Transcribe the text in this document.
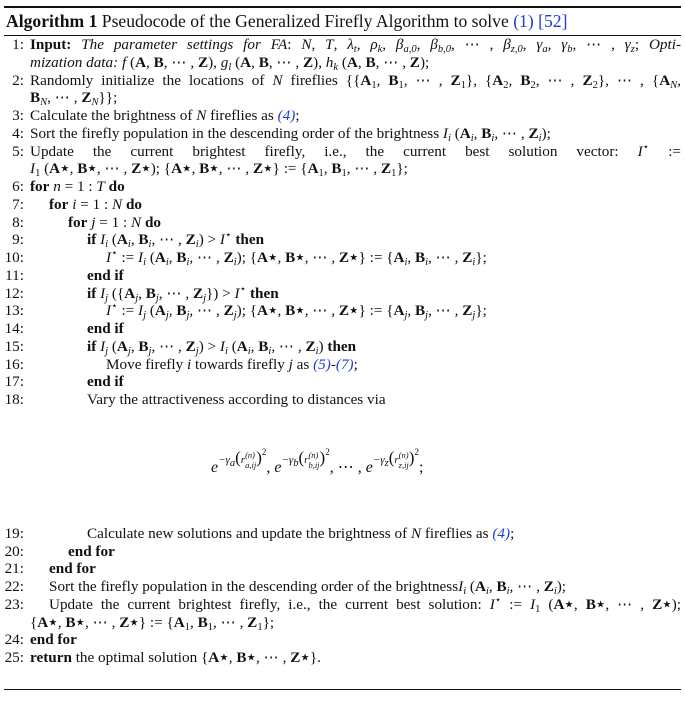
Algorithm 1 Pseudocode of the Generalized Firefly Algorithm to solve (1) [52]
1: Input: The parameter settings for FA: N, T, λt, ρk, βa,0, βb,0, ⋯ , βz,0, γa, γb, ⋯ , γz; Opti-
mization data: f (A, B, ⋯ , Z), gl (A, B, ⋯ , Z), hk (A, B, ⋯ , Z);
2: Randomly initialize the locations of N fireflies {{$A_1$, $B_1$, ⋯ , $Z_1$}, {$A_2$, $B_2$, ⋯ , $Z_2$}, ⋯ , {AN,
BN, ⋯ , ZN}};
3: Calculate the brightness of N fireflies as (4);
4: Sort the firefly population in the descending order of the brightness Ii (Ai, Bi, ⋯ , Zi);
5: Update the current brightest firefly, i.e., the current best solution vector: I⋆ :=
$I_1$ (A⋆, B⋆, ⋯ , Z⋆); {A⋆, B⋆, ⋯ , Z⋆} := {$A_1$, $B_1$, ⋯ , $Z_1$};
6: for n = 1 : T do
7: for i = 1 : N do
8:	for j = 1 : N do
9:	if Ii (Ai, Bi, ⋯ , Zi) > I⋆ then
10:	I⋆ := Ii (Ai, Bi, ⋯ , Zi); {A⋆, B⋆, ⋯ , Z⋆} := {Ai, Bi, ⋯ , Zi};
11:	end if
12:	if Ij ({Aj, Bj, ⋯ , Zj}) > I⋆ then
13:	I⋆ := Ij (Aj, Bj, ⋯ , Zj); {A⋆, B⋆, ⋯ , Z⋆} := {Aj, Bj, ⋯ , Zj};
14:	end if
15:	if Ij (Aj, Bj, ⋯ , Zj) > Ii (Ai, Bi, ⋯ , Zi) then
16:	Move firefly i towards firefly j as (5)-(7);
17:	end if
18:	Vary the attractiveness according to distances via
$e^{-\gamma a(r(n) a,ij)^2}$, $e^{-\gamma b(r(n) b,ij)^2}$, ⋯ , $e^{-\gamma z(r(n) z,ij)^2}$;
19:	Calculate new solutions and update the brightness of N fireflies as (4);
20:	end for
21: end for
22: Sort the firefly population in the descending order of the brightnessIi (Ai, Bi, ⋯ , Zi);
23: Update the current brightest firefly, i.e., the current best solution: I⋆ := $I_1$ (A⋆, B⋆, ⋯ , Z⋆);
{A⋆, B⋆, ⋯ , Z⋆} := {$A_1$, $B_1$, ⋯ , $Z_1$};
24: end for
25: return the optimal solution {A⋆, B⋆, ⋯ , Z⋆}.
